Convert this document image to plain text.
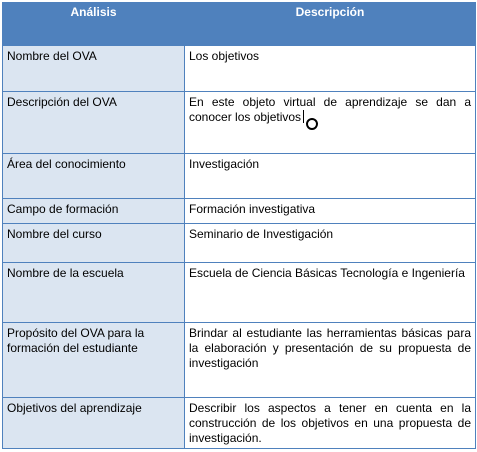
Análisis	Descripción
Nombre del OVA	Los objetivos
Descripción del OVA	En este objeto virtual de aprendizaje se dan a conocer los objetivos
Área del conocimiento	Investigación
Campo de formación	Formación investigativa
Nombre del curso	Seminario de Investigación
Nombre de la escuela	Escuela de Ciencia Básicas Tecnología e Ingeniería
Propósito del OVA para la formación del estudiante	Brindar al estudiante las herramientas básicas para la elaboración y presentación de su propuesta de investigación
Objetivos del aprendizaje	Describir los aspectos a tener en cuenta en la construcción de los objetivos en una propuesta de investigación.
